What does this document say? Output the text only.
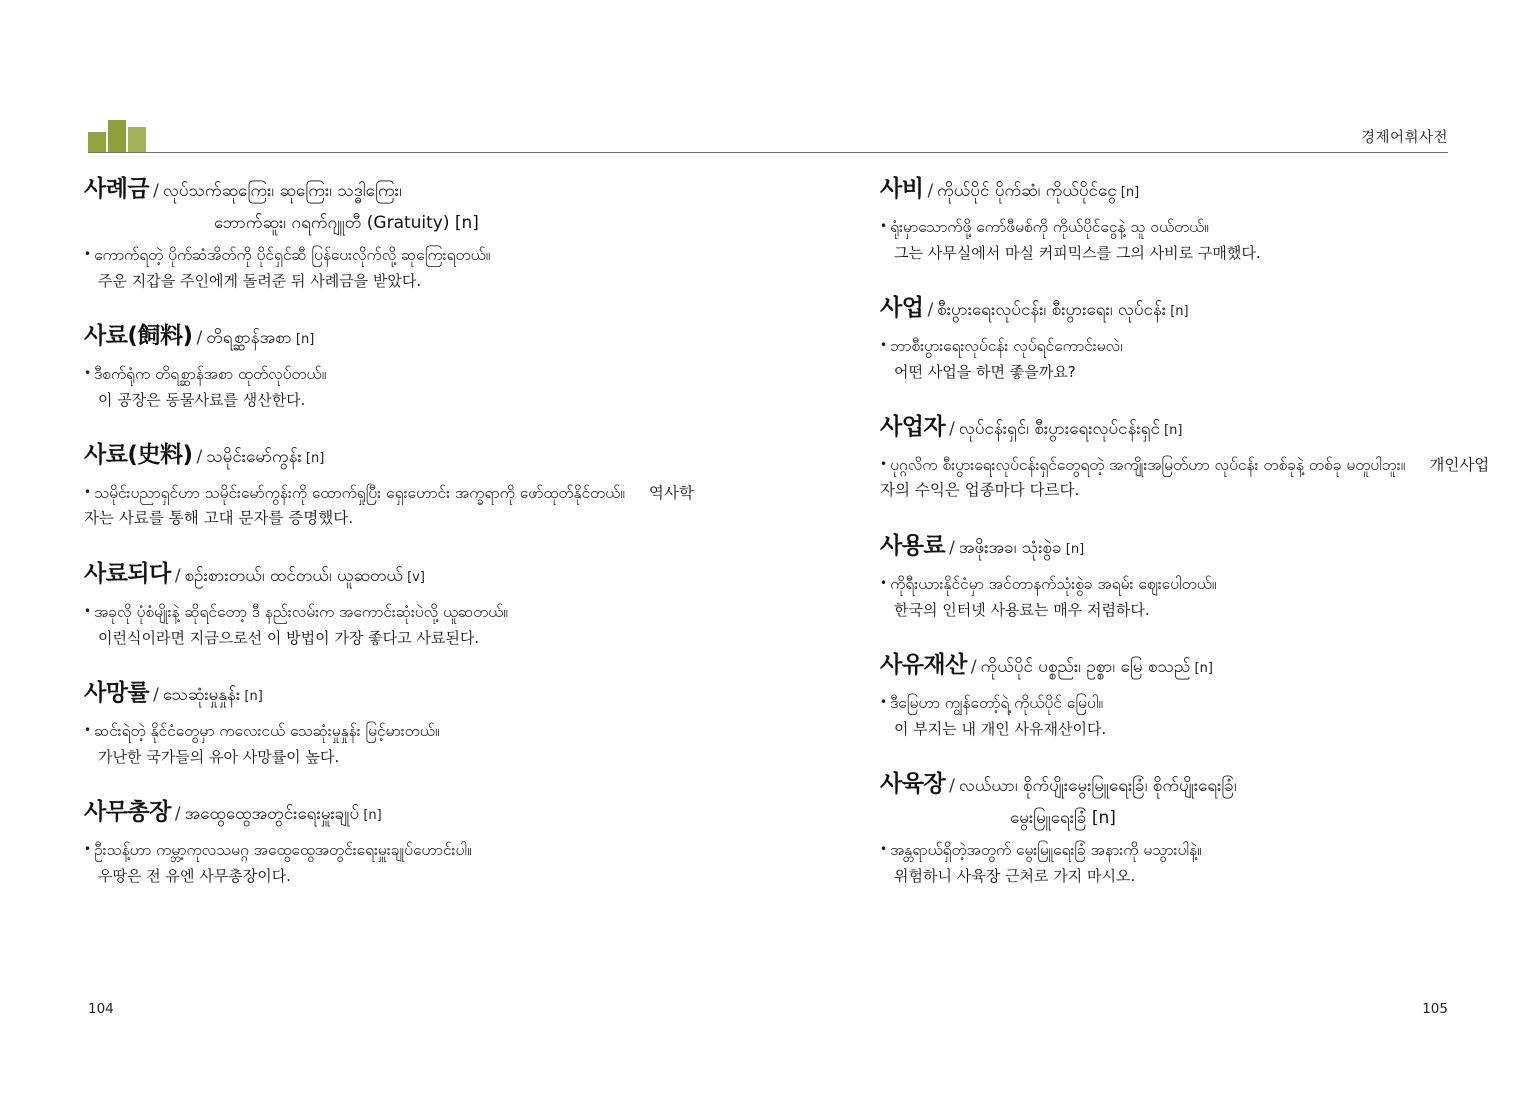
경제어휘사전
사례금 / လုပ်သက်ဆုကြေး၊ ဆုကြေး၊ သဒ္ဓါကြေး၊
ဘောက်ဆူး၊ ဂရက်ဂျူတီ (Gratuity) [n]
• ကောက်ရတဲ့ ပိုက်ဆံအိတ်ကို ပိုင်ရှင်ဆီ ပြန်ပေးလိုက်လို့ ဆုကြေးရတယ်။
주운 지갑을 주인에게 돌려준 뒤 사례금을 받았다.
사료(飼料) / တိရစ္ဆာန်အစာ [n]
• ဒီစက်ရုံက တိရစ္ဆာန်အစာ ထုတ်လုပ်တယ်။
이 공장은 동물사료를 생산한다.
사료(史料) / သမိုင်းမော်ကွန်း [n]
• သမိုင်းပညာရှင်ဟာ သမိုင်းမော်ကွန်းကို ထောက်ရှုပြီး ရှေးဟောင်း အက္ခရာကို ဖော်ထုတ်နိုင်တယ်။ 역사학자는 사료를 통해 고대 문자를 증명했다.
사료되다 / စဉ်းစားတယ်၊ ထင်တယ်၊ ယူဆတယ် [v]
• အခုလို ပုံစံမျိုးနဲ့ ဆိုရင်တော့ ဒီ နည်းလမ်းက အကောင်းဆုံးပဲလို့ ယူဆတယ်။
이런식이라면 지금으로선 이 방법이 가장 좋다고 사료된다.
사망률 / သေဆုံးမှုနှုန်း [n]
• ဆင်းရဲတဲ့ နိုင်ငံတွေမှာ ကလေးငယ် သေဆုံးမှုနှုန်း မြင့်မားတယ်။
가난한 국가들의 유아 사망률이 높다.
사무총장 / အထွေထွေအတွင်းရေးမှူးချုပ် [n]
• ဦးသန့်ဟာ ကမ္ဘာ့ကုလသမဂ္ဂ အထွေထွေအတွင်းရေးမှူးချုပ်ဟောင်းပါ။
우땅은 전 유엔 사무총장이다.
사비 / ကိုယ်ပိုင် ပိုက်ဆံ၊ ကိုယ်ပိုင်ငွေ [n]
• ရုံးမှာသောက်ဖို့ ကော်ဖီမစ်ကို ကိုယ်ပိုင်ငွေနဲ့ သူ ဝယ်တယ်။
그는 사무실에서 마실 커피믹스를 그의 사비로 구매했다.
사업 / စီးပွားရေးလုပ်ငန်း၊ စီးပွားရေး၊ လုပ်ငန်း [n]
• ဘာစီးပွားရေးလုပ်ငန်း လုပ်ရင်ကောင်းမလဲ၊
어떤 사업을 하면 좋을까요?
사업자 / လုပ်ငန်းရှင်၊ စီးပွားရေးလုပ်ငန်းရှင် [n]
• ပုဂ္ဂလိက စီးပွားရေးလုပ်ငန်းရှင်တွေရတဲ့ အကျိုးအမြတ်ဟာ လုပ်ငန်း တစ်ခုနဲ့ တစ်ခု မတူပါဘူး။ 개인사업자의 수익은 업종마다 다르다.
사용료 / အဖိုးအခ၊ သုံးစွဲခ [n]
• ကိုရီးယားနိုင်ငံမှာ အင်တာနက်သုံးစွဲခ အရမ်း ဈေးပေါတယ်။
한국의 인터넷 사용료는 매우 저렴하다.
사유재산 / ကိုယ်ပိုင် ပစ္စည်း၊ ဥစ္စာ၊ မြေ စသည် [n]
• ဒီမြေဟာ ကျွန်တော့်ရဲ့ ကိုယ်ပိုင် မြေပါ။
이 부지는 내 개인 사유재산이다.
사육장 / လယ်ယာ၊ စိုက်ပျိုးမွေးမြူရေးခြံ၊ စိုက်ပျိုးရေးခြံ၊
မွေးမြူရေးခြံ [n]
• အန္တရာယ်ရှိတဲ့အတွက် မွေးမြူရေးခြံ အနားကို မသွားပါနဲ့။
위험하니 사육장 근처로 가지 마시오.
104	105
